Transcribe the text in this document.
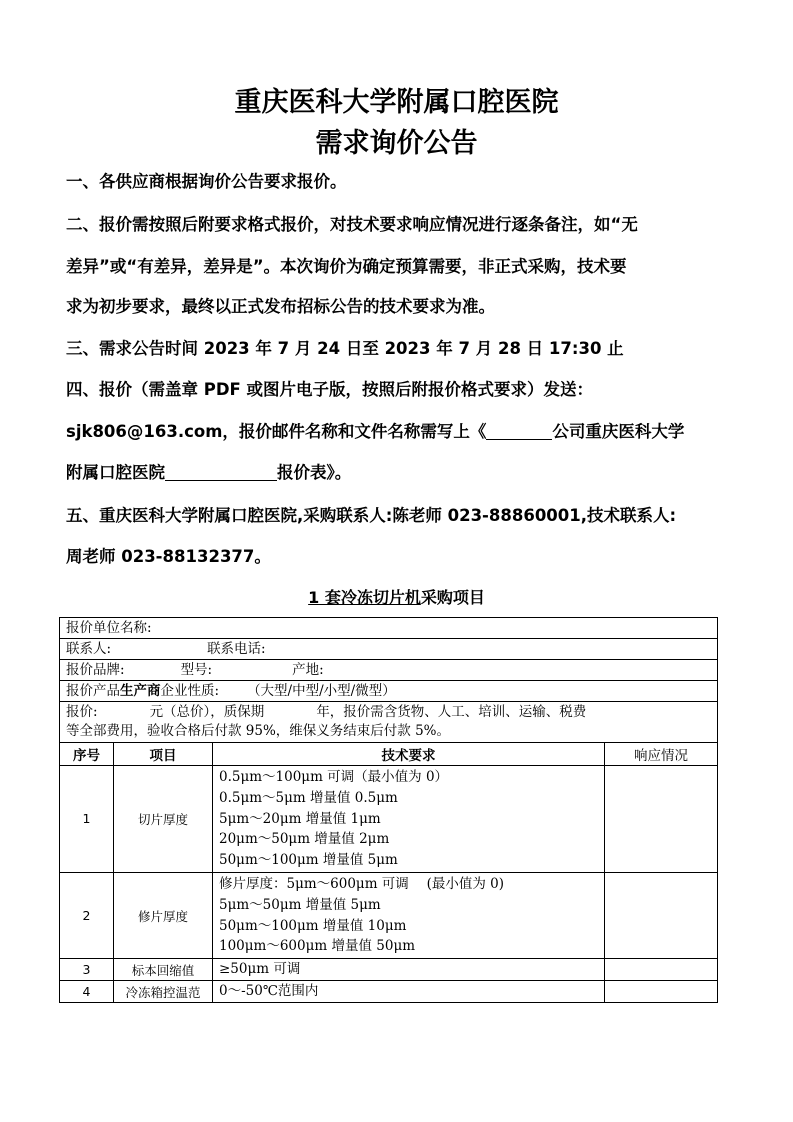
重庆医科大学附属口腔医院
需求询价公告
一、各供应商根据询价公告要求报价。
二、报价需按照后附要求格式报价，对技术要求响应情况进行逐条备注，如“无
差异”或“有差异，差异是”。本次询价为确定预算需要，非正式采购，技术要
求为初步要求，最终以正式发布招标公告的技术要求为准。
三、需求公告时间 2023 年 7 月 24 日至 2023 年 7 月 28 日 17:30 止
四、报价（需盖章 PDF 或图片电子版，按照后附报价格式要求）发送：
sjk806@163.com，报价邮件名称和文件名称需写上《	公司重庆医科大学
附属口腔医院	报价表》。
五、重庆医科大学附属口腔医院,采购联系人:陈老师 023-88860001,技术联系人:
周老师 023-88132377。
1 套冷冻切片机采购项目
报价单位名称:			
联系人: 联系电话:			
报价品牌: 型号: 产地:			
报价产品生产商企业性质: （大型/中型/小型/微型）			
报价: 元（总价），质保期 年，报价需含货物、人工、培训、运输、税费
等全部费用，验收合格后付款 95%，维保义务结束后付款 5%。			
序号	项目	技术要求	响应情况
1	切片厚度	0.5μm～100μm 可调（最小值为 0）
0.5μm～5μm 增量值 0.5μm
5μm～20μm 增量值 1μm
20μm～50μm 增量值 2μm
50μm～100μm 增量值 5μm	

2	修片厚度	修片厚度：5μm～600μm 可调　 (最小值为 0)
5μm～50μm 增量值 5μm
50μm～100μm 增量值 10μm
100μm～600μm 增量值 50μm	

3	标本回缩值	≥50μm 可调	

4	冷冻箱控温范	0～-50℃范围内	
